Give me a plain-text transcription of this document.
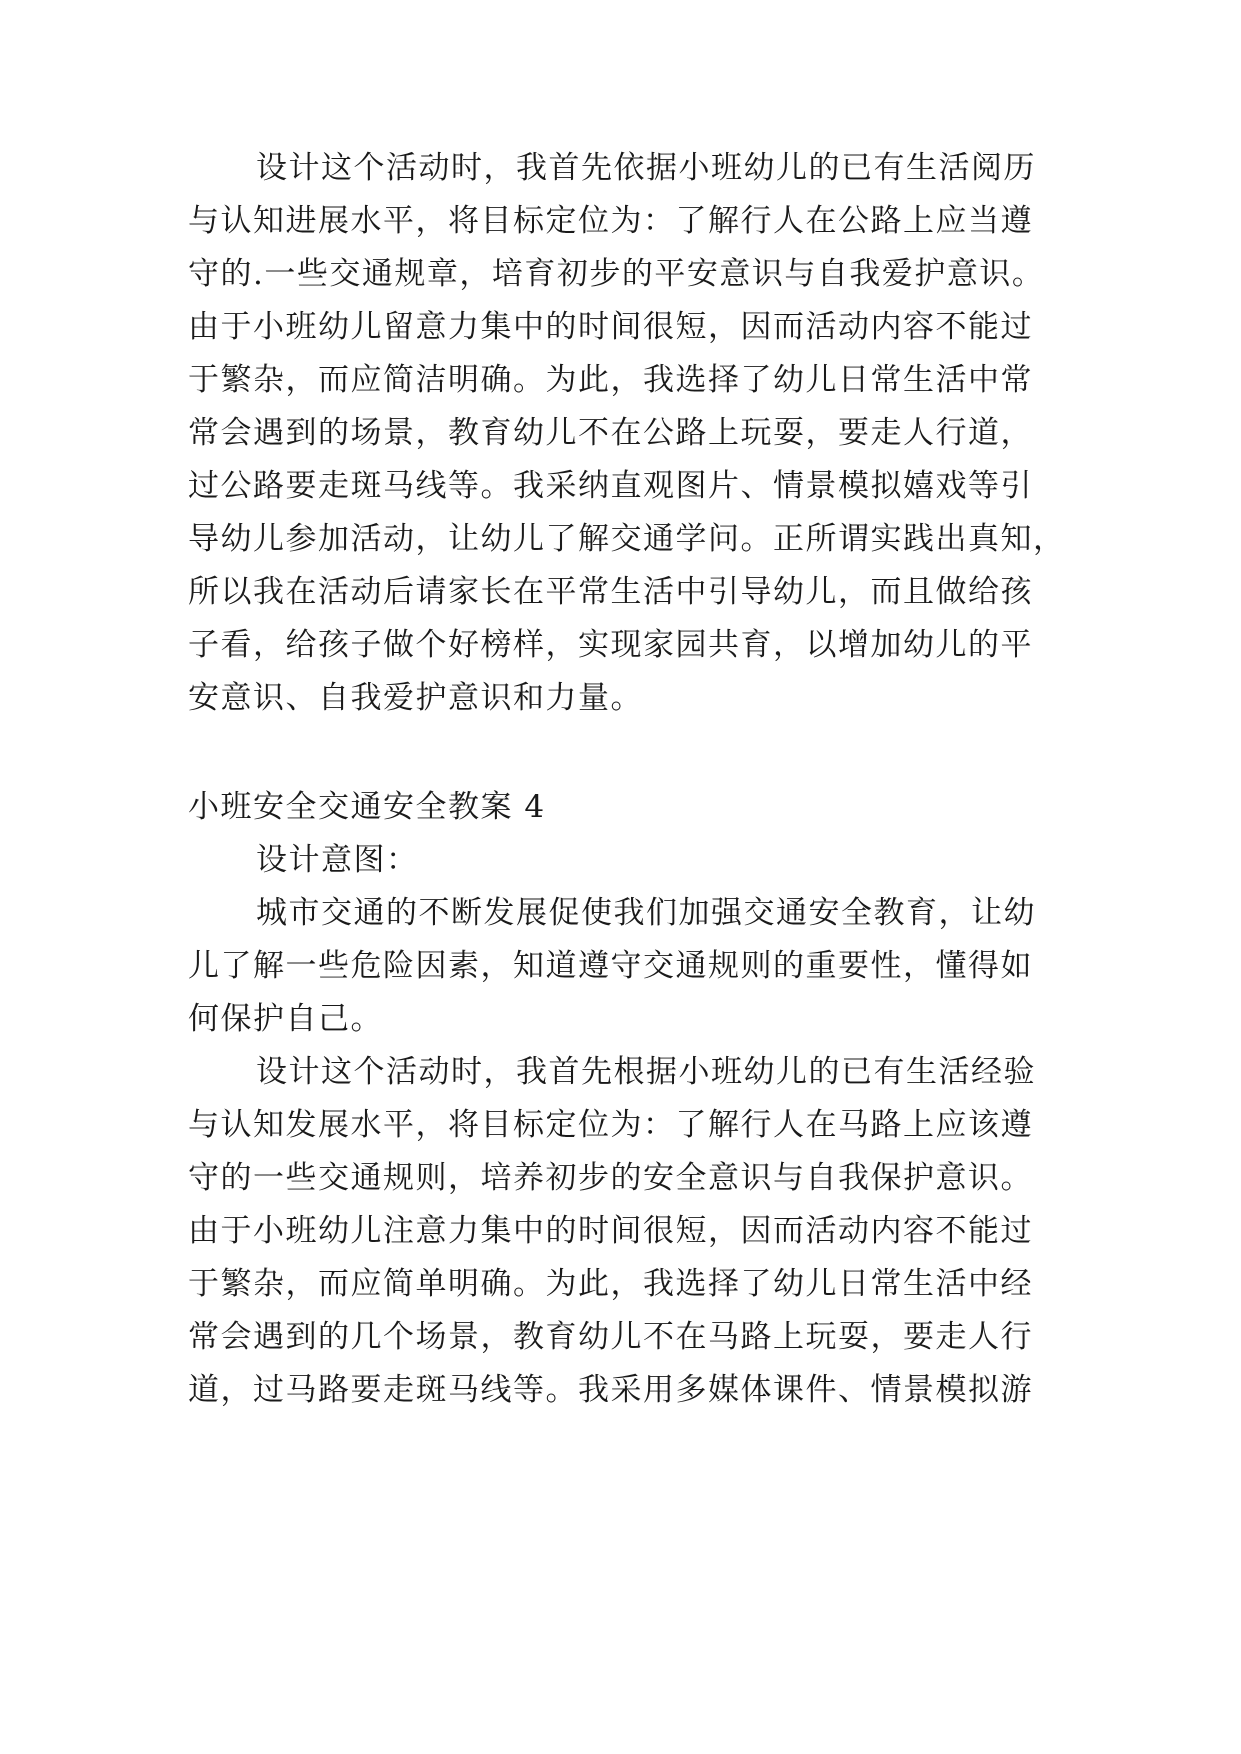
设计这个活动时，我首先依据小班幼儿的已有生活阅历
与认知进展水平，将目标定位为：了解行人在公路上应当遵
守的.一些交通规章，培育初步的平安意识与自我爱护意识。
由于小班幼儿留意力集中的时间很短，因而活动内容不能过
于繁杂，而应简洁明确。为此，我选择了幼儿日常生活中常
常会遇到的场景，教育幼儿不在公路上玩耍，要走人行道，
过公路要走斑马线等。我采纳直观图片、情景模拟嬉戏等引
导幼儿参加活动，让幼儿了解交通学问。正所谓实践出真知，
所以我在活动后请家长在平常生活中引导幼儿，而且做给孩
子看，给孩子做个好榜样，实现家园共育，以增加幼儿的平
安意识、自我爱护意识和力量。
小班安全交通安全教案 4
设计意图：
城市交通的不断发展促使我们加强交通安全教育，让幼
儿了解一些危险因素，知道遵守交通规则的重要性，懂得如
何保护自己。
设计这个活动时，我首先根据小班幼儿的已有生活经验
与认知发展水平，将目标定位为：了解行人在马路上应该遵
守的一些交通规则，培养初步的安全意识与自我保护意识。
由于小班幼儿注意力集中的时间很短，因而活动内容不能过
于繁杂，而应简单明确。为此，我选择了幼儿日常生活中经
常会遇到的几个场景，教育幼儿不在马路上玩耍，要走人行
道，过马路要走斑马线等。我采用多媒体课件、情景模拟游
